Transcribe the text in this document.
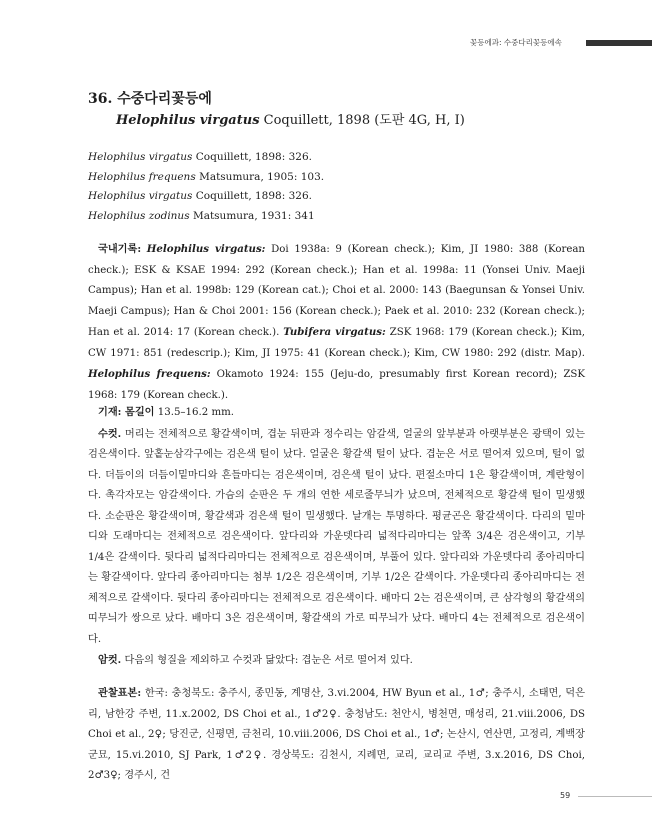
꽃등에과: 수중다리꽃등에속
36. 수중다리꽃등에
Helophilus virgatus Coquillett, 1898 (도판 4G, H, I)
Helophilus virgatus Coquillett, 1898: 326.
Helophilus frequens Matsumura, 1905: 103.
Helophilus virgatus Coquillett, 1898: 326.
Helophilus zodinus Matsumura, 1931: 341
국내기록: Helophilus virgatus: Doi 1938a: 9 (Korean check.); Kim, JI 1980: 388 (Korean check.); ESK & KSAE 1994: 292 (Korean check.); Han et al. 1998a: 11 (Yonsei Univ. Maeji Campus); Han et al. 1998b: 129 (Korean cat.); Choi et al. 2000: 143 (Baegunsan & Yonsei Univ. Maeji Campus); Han & Choi 2001: 156 (Korean check.); Paek et al. 2010: 232 (Korean check.); Han et al. 2014: 17 (Korean check.). Tubifera virgatus: ZSK 1968: 179 (Korean check.); Kim, CW 1971: 851 (redescrip.); Kim, JI 1975: 41 (Korean check.); Kim, CW 1980: 292 (distr. Map). Helophilus frequens: Okamoto 1924: 155 (Jeju-do, presumably first Korean record); ZSK 1968: 179 (Korean check.).
기재: 몸길이 13.5–16.2 mm.
수컷. 머리는 전체적으로 황갈색이며, 겹눈 뒤판과 정수리는 암갈색, 얼굴의 앞부분과 아랫부분은 광택이 있는 검은색이다. 앞홑눈삼각구에는 검은색 털이 났다. 얼굴은 황갈색 털이 났다. 겹눈은 서로 떨어져 있으며, 털이 없다. 더듬이의 더듬이밑마디와 흔들마디는 검은색이며, 검은색 털이 났다. 편절소마디 1은 황갈색이며, 계란형이다. 촉각자모는 암갈색이다. 가슴의 순판은 두 개의 연한 세로줄무늬가 났으며, 전체적으로 황갈색 털이 밀생했다. 소순판은 황갈색이며, 황갈색과 검은색 털이 밀생했다. 날개는 투명하다. 평균곤은 황갈색이다. 다리의 밑마디와 도래마디는 전체적으로 검은색이다. 앞다리와 가운뎃다리 넓적다리마디는 앞쪽 3/4은 검은색이고, 기부 1/4은 갈색이다. 뒷다리 넓적다리마디는 전체적으로 검은색이며, 부풀어 있다. 앞다리와 가운뎃다리 종아리마디는 황갈색이다. 앞다리 종아리마디는 첨부 1/2은 검은색이며, 기부 1/2은 갈색이다. 가운뎃다리 종아리마디는 전체적으로 갈색이다. 뒷다리 종아리마디는 전체적으로 검은색이다. 배마디 2는 검은색이며, 큰 삼각형의 황갈색의 띠무늬가 쌍으로 났다. 배마디 3은 검은색이며, 황갈색의 가로 띠무늬가 났다. 배마디 4는 전체적으로 검은색이다.
암컷. 다음의 형질을 제외하고 수컷과 닮았다: 겹눈은 서로 떨어져 있다.
관찰표본: 한국: 충청북도: 충주시, 종민동, 계명산, 3.vi.2004, HW Byun et al., 1♂; 충주시, 소태면, 덕은리, 남한강 주변, 11.x.2002, DS Choi et al., 1♂2♀. 충청남도: 천안시, 병천면, 매성리, 21.viii.2006, DS Choi et al., 2♀; 당진군, 신평면, 금천리, 10.viii.2006, DS Choi et al., 1♂; 논산시, 연산면, 고정리, 계백장군묘, 15.vi.2010, SJ Park, 1♂2♀. 경상북도: 김천시, 지례면, 교리, 교리교 주변, 3.x.2016, DS Choi, 2♂3♀; 경주시, 건
59
